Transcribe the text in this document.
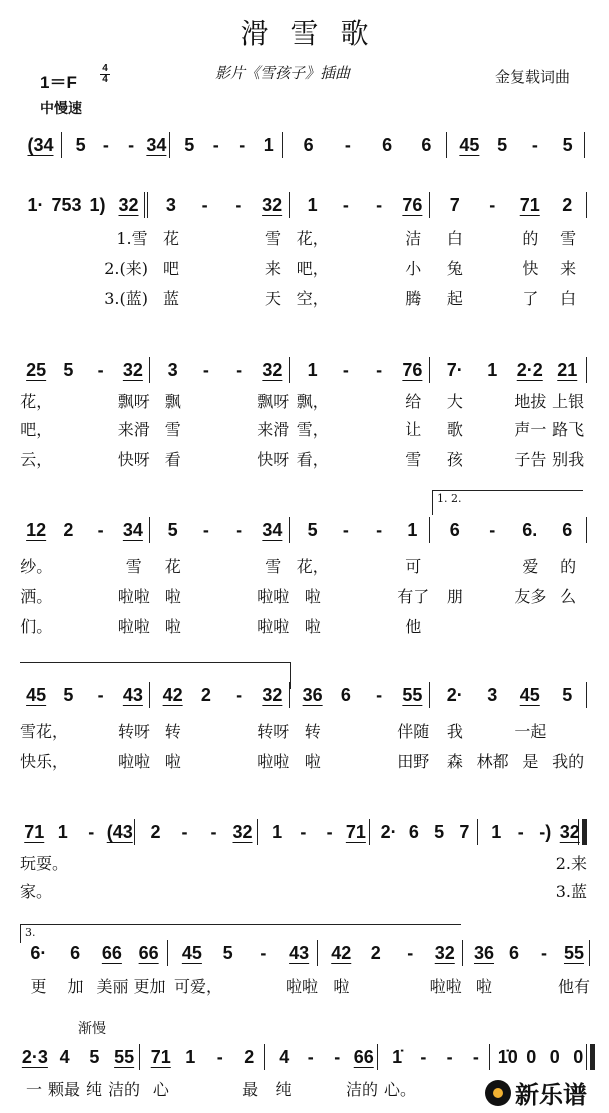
滑雪歌
影片《雪孩子》插曲
1＝F
4
4	金复载词曲
中慢速
渐慢
(34	5 -	- 34 5	-	-	1	6	-	6	6	45 5	-	5
1· 753 1) 32	3	-	-	32	1	-	-	76	7	-	71	2
1.雪 花	雪 花，	洁	白	的	雪
2.(来) 吧	来 吧，	小	兔	快	来
3.(蓝) 蓝	天 空，	腾	起	了	白
25 5	-	32	3	-	-	32	1	-	-	76	7·	1	2·2 21
花，	飘呀 飘	飘呀 飘，	给	大	地拔 上银
吧，	来滑 雪	来滑 雪，	让	歌	声一 路飞
云，	快呀 看	快呀 看，	雪	孩	子告 别我
12 2	-	34	5	-	-	34	5	-	-	1	6	-	6.	6
纱。	雪	花	雪 花，	可	爱	的
洒。	啦啦 啦	啦啦 啦	有了	朋	友多 么
们。	啦啦 啦	啦啦 啦	他
1. 2.
45 5	-	43	42	2	-	32	36	6	-	55	2·	3	45	5
雪花，	转呀 转	转呀 转	伴随	我	一起
快乐，	啦啦 啦	啦啦 啦	田野	森 林都 是 我的
71 1	- (43 2	-	- 32	1	-	- 71 2· 6 5 7	1 - -) 32
玩耍。	2.来
家。	3.蓝
6·	6	66 66	45	5	-	43	42	2	-	32	36 6	- 55
更	加 美丽 更加 可爱，	啦啦 啦	啦啦 啦	他有
3.
2·3 4	5 55 71 1	-	2	4	-	- 66	1̇	-	-	-	1̇0 0 0 0
一 颗最 纯 洁的 心	最	纯	洁的 心。	新乐谱
